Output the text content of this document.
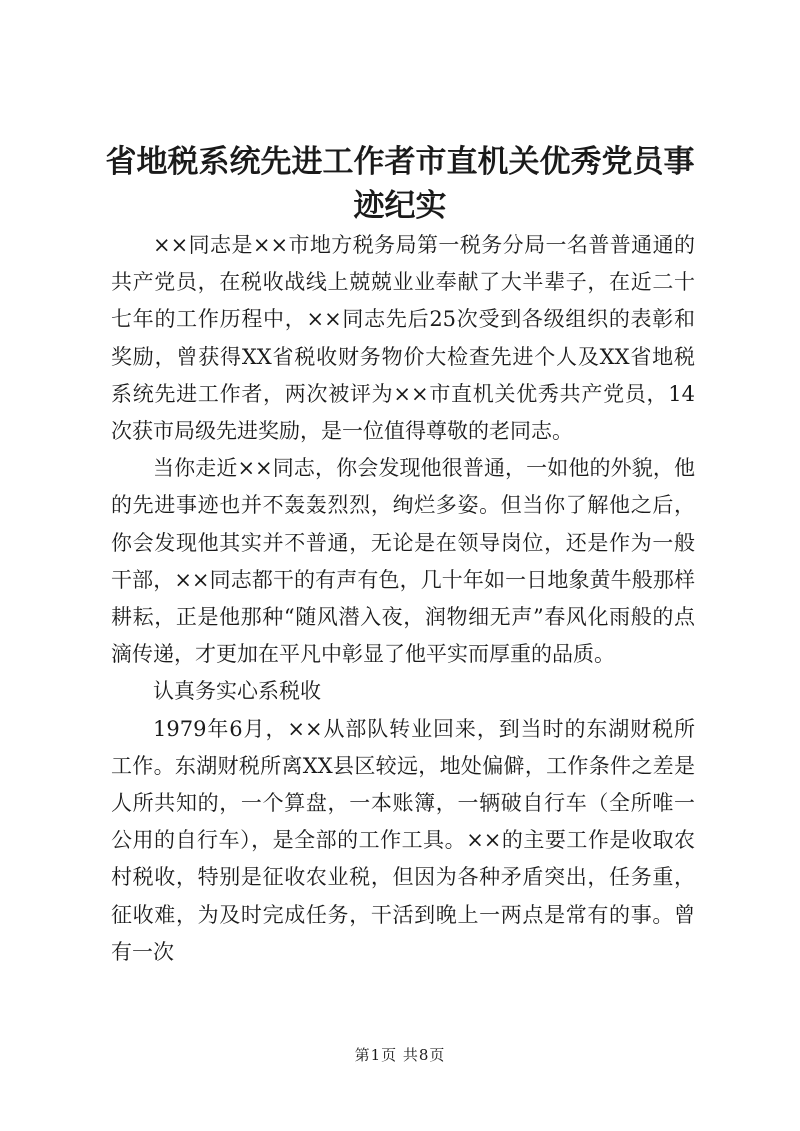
省地税系统先进工作者市直机关优秀党员事迹纪实

××同志是××市地方税务局第一税务分局一名普普通通的共产党员，在税收战线上兢兢业业奉献了大半辈子，在近二十七年的工作历程中，××同志先后25次受到各级组织的表彰和奖励，曾获得XX省税收财务物价大检查先进个人及XX省地税系统先进工作者，两次被评为××市直机关优秀共产党员，14次获市局级先进奖励，是一位值得尊敬的老同志。

当你走近××同志，你会发现他很普通，一如他的外貌，他的先进事迹也并不轰轰烈烈，绚烂多姿。但当你了解他之后，你会发现他其实并不普通，无论是在领导岗位，还是作为一般干部，××同志都干的有声有色，几十年如一日地象黄牛般那样耕耘，正是他那种“随风潜入夜，润物细无声”春风化雨般的点滴传递，才更加在平凡中彰显了他平实而厚重的品质。

认真务实心系税收

1979年6月，××从部队转业回来，到当时的东湖财税所工作。东湖财税所离XX县区较远，地处偏僻，工作条件之差是人所共知的，一个算盘，一本账簿，一辆破自行车（全所唯一公用的自行车），是全部的工作工具。××的主要工作是收取农村税收，特别是征收农业税，但因为各种矛盾突出，任务重，征收难，为及时完成任务，干活到晚上一两点是常有的事。曾有一次

第1页 共8页
